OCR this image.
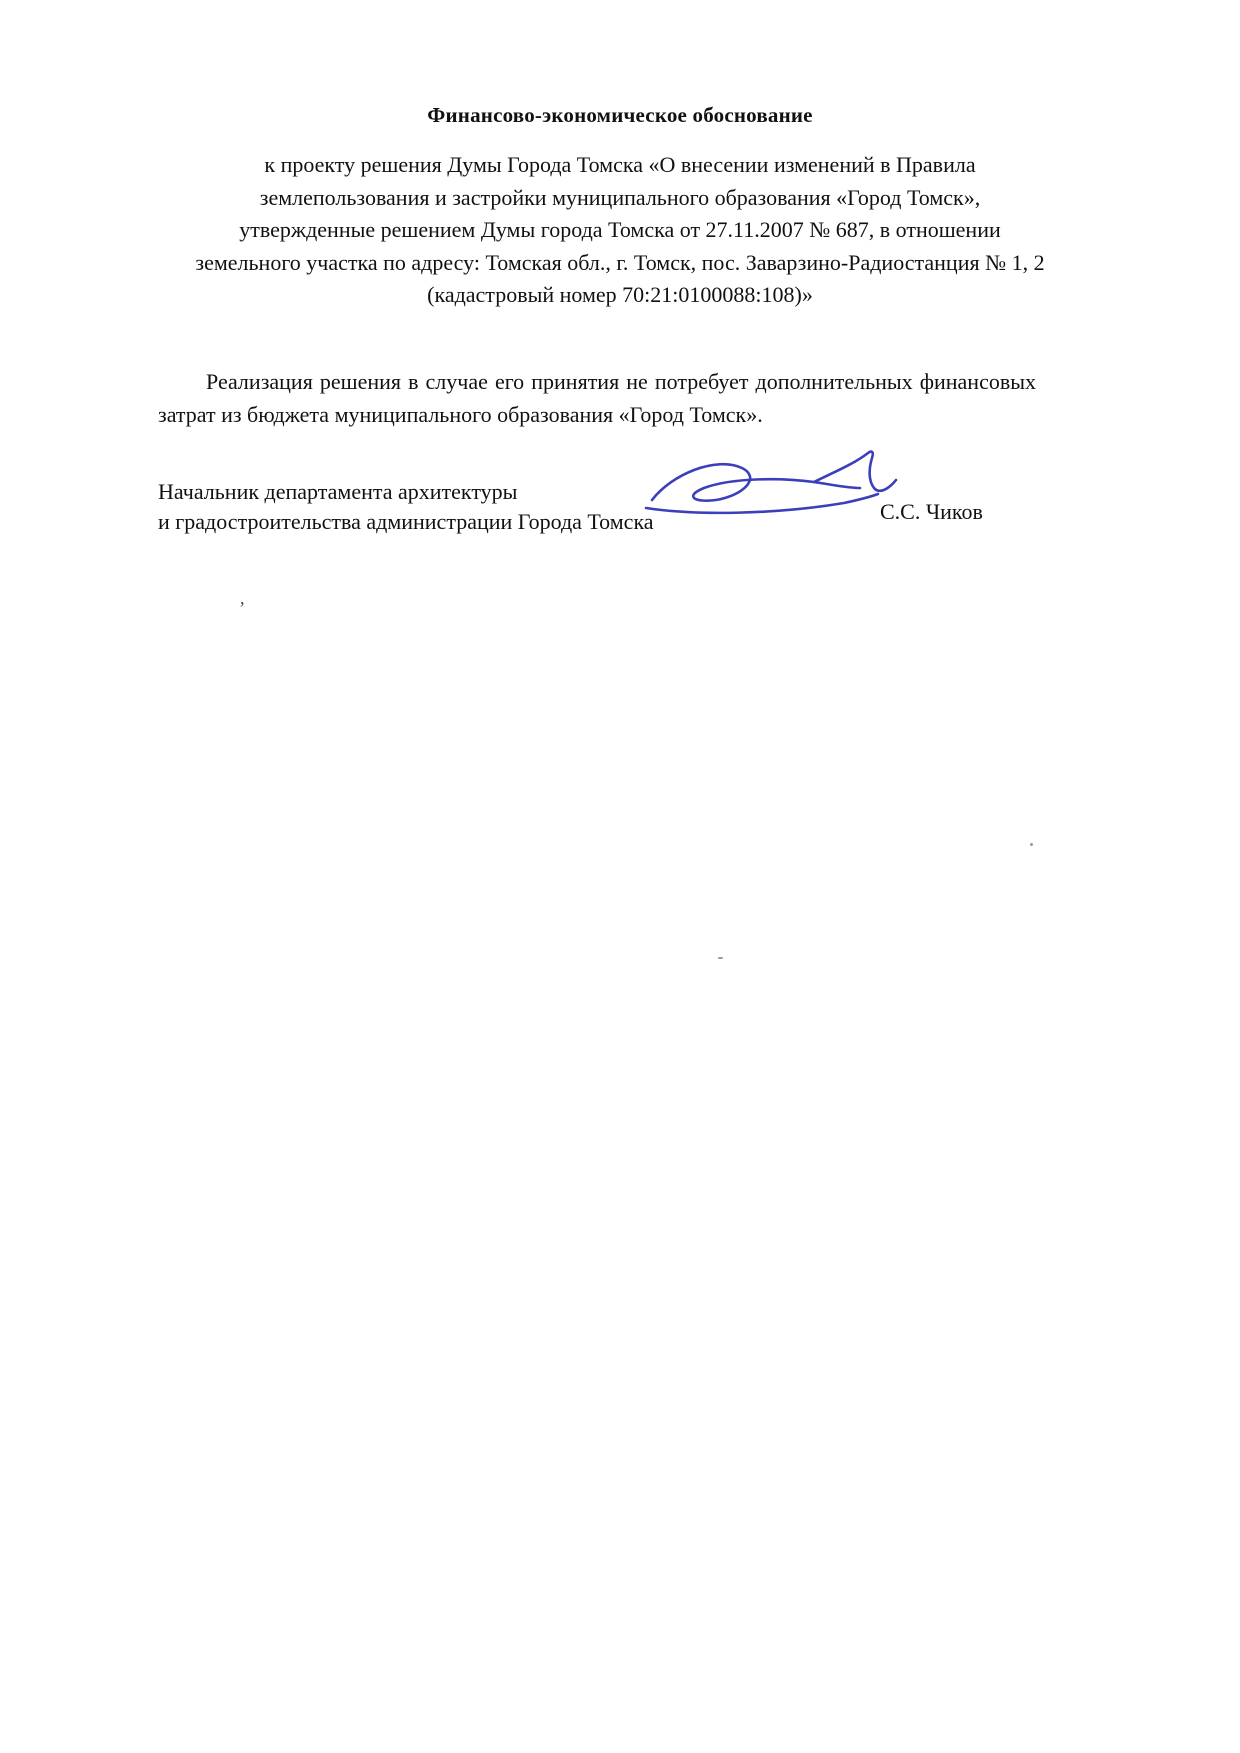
Финансово-экономическое обоснование
к проекту решения Думы Города Томска «О внесении изменений в Правила
землепользования и застройки муниципального образования «Город Томск»,
утвержденные решением Думы города Томска от 27.11.2007 № 687, в отношении
земельного участка по адресу: Томская обл., г. Томск, пос. Заварзино-Радиостанция № 1, 2
(кадастровый номер 70:21:0100088:108)»

Реализация решения в случае его принятия не потребует дополнительных финансовых затрат из бюджета муниципального образования «Город Томск».

Начальник департамента архитектуры
и градостроительства администрации Города Томска	С.С. Чиков
,
